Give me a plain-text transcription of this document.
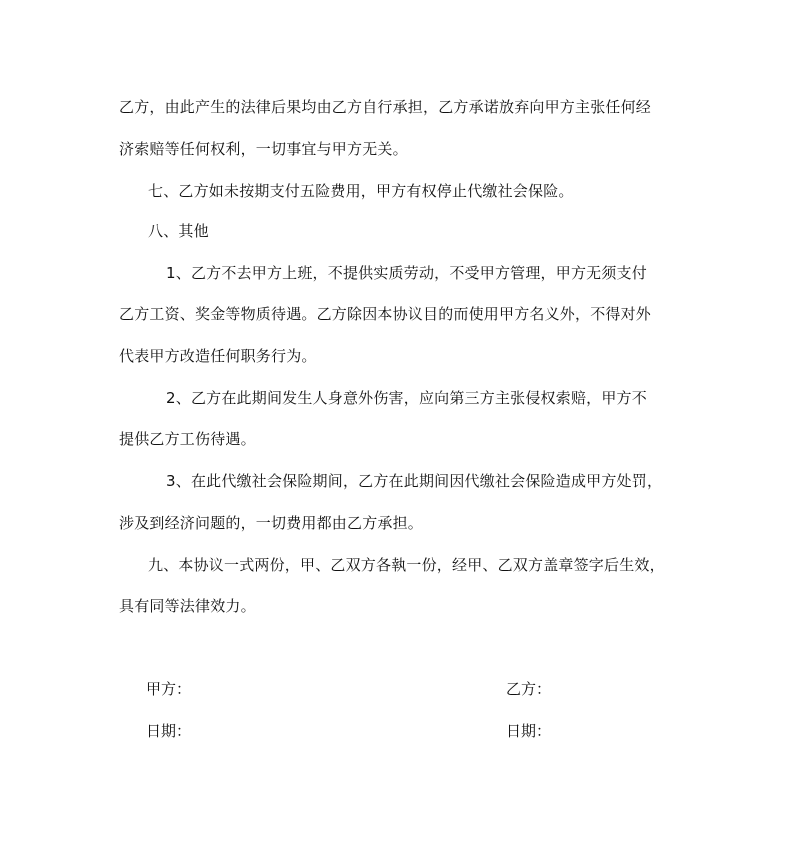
乙方，由此产生的法律后果均由乙方自行承担，乙方承诺放弃向甲方主张任何经
济索赔等任何权利，一切事宜与甲方无关。
七、乙方如未按期支付五险费用，甲方有权停止代缴社会保险。
八、其他
1、乙方不去甲方上班，不提供实质劳动，不受甲方管理，甲方无须支付
乙方工资、奖金等物质待遇。乙方除因本协议目的而使用甲方名义外，不得对外
代表甲方改造任何职务行为。
2、乙方在此期间发生人身意外伤害，应向第三方主张侵权索赔，甲方不
提供乙方工伤待遇。
3、在此代缴社会保险期间，乙方在此期间因代缴社会保险造成甲方处罚，
涉及到经济问题的，一切费用都由乙方承担。
九、本协议一式两份，甲、乙双方各執一份，经甲、乙双方盖章签字后生效，
具有同等法律效力。
甲方：	乙方：
日期：	日期：
